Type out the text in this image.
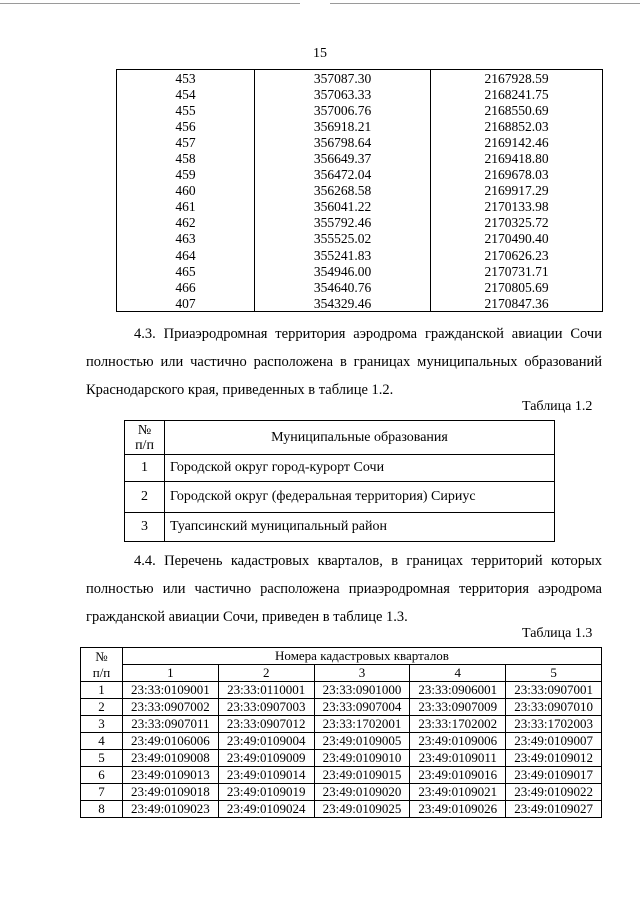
15
453	357087.30	2167928.59
454	357063.33	2168241.75
455	357006.76	2168550.69
456	356918.21	2168852.03
457	356798.64	2169142.46
458	356649.37	2169418.80
459	356472.04	2169678.03
460	356268.58	2169917.29
461	356041.22	2170133.98
462	355792.46	2170325.72
463	355525.02	2170490.40
464	355241.83	2170626.23
465	354946.00	2170731.71
466	354640.76	2170805.69
407	354329.46	2170847.36

4.3. Приаэродромная территория аэродрома гражданской авиации Сочи

полностью или частично расположена в границах муниципальных образований

Краснодарского края, приведенных в таблице 1.2.

Таблица 1.2
№
п/п	Муниципальные образования
1	Городской округ город-курорт Сочи
2	Городской округ (федеральная территория) Сириус
3	Туапсинский муниципальный район

4.4. Перечень кадастровых кварталов, в границах территорий которых

полностью или частично расположена приаэродромная территория аэродрома

гражданской авиации Сочи, приведен в таблице 1.3.

Таблица 1.3
№
п/п	Номера кадастровых кварталов				
	1	2	3	4	5
1	23:33:0109001	23:33:0110001	23:33:0901000	23:33:0906001	23:33:0907001
2	23:33:0907002	23:33:0907003	23:33:0907004	23:33:0907009	23:33:0907010
3	23:33:0907011	23:33:0907012	23:33:1702001	23:33:1702002	23:33:1702003
4	23:49:0106006	23:49:0109004	23:49:0109005	23:49:0109006	23:49:0109007
5	23:49:0109008	23:49:0109009	23:49:0109010	23:49:0109011	23:49:0109012
6	23:49:0109013	23:49:0109014	23:49:0109015	23:49:0109016	23:49:0109017
7	23:49:0109018	23:49:0109019	23:49:0109020	23:49:0109021	23:49:0109022
8	23:49:0109023	23:49:0109024	23:49:0109025	23:49:0109026	23:49:0109027
